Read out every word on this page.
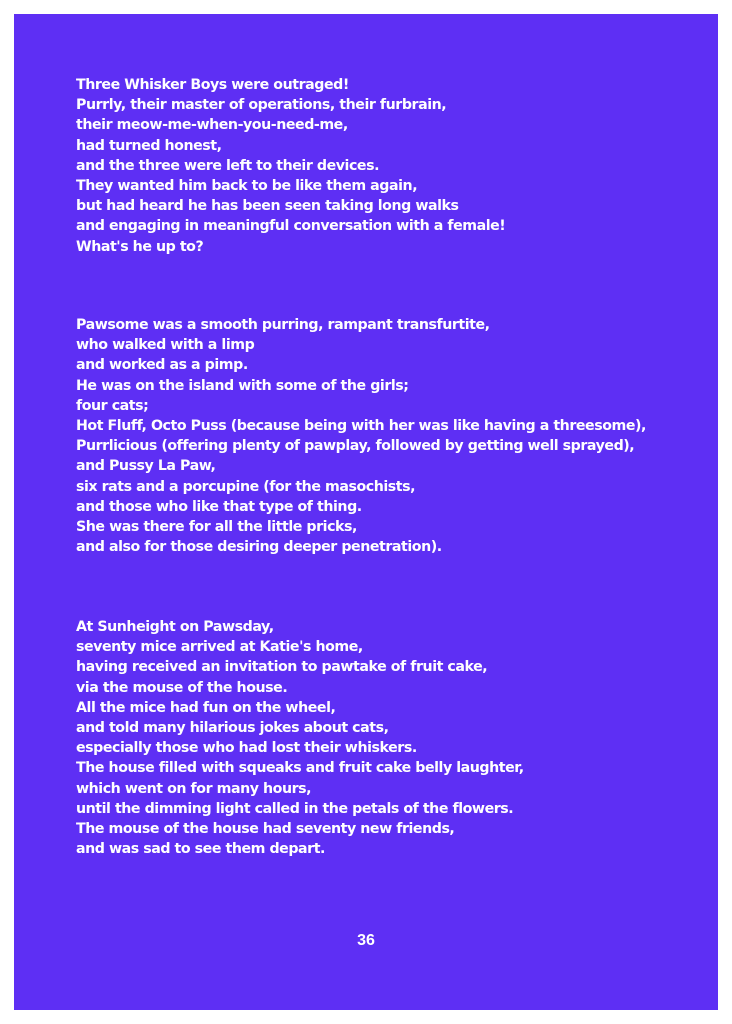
Three Whisker Boys were outraged!
Purrly, their master of operations, their furbrain,
their meow-me-when-you-need-me,
had turned honest,
and the three were left to their devices.
They wanted him back to be like them again,
but had heard he has been seen taking long walks
and engaging in meaningful conversation with a female!
What's he up to?
Pawsome was a smooth purring, rampant transfurtite,
who walked with a limp
and worked as a pimp.
He was on the island with some of the girls;
four cats;
Hot Fluff, Octo Puss (because being with her was like having a threesome),
Purrlicious (offering plenty of pawplay, followed by getting well sprayed),
and Pussy La Paw,
six rats and a porcupine (for the masochists,
and those who like that type of thing.
She was there for all the little pricks,
and also for those desiring deeper penetration).
At Sunheight on Pawsday,
seventy mice arrived at Katie's home,
having received an invitation to pawtake of fruit cake,
via the mouse of the house.
All the mice had fun on the wheel,
and told many hilarious jokes about cats,
especially those who had lost their whiskers.
The house filled with squeaks and fruit cake belly laughter,
which went on for many hours,
until the dimming light called in the petals of the flowers.
The mouse of the house had seventy new friends,
and was sad to see them depart.
36
